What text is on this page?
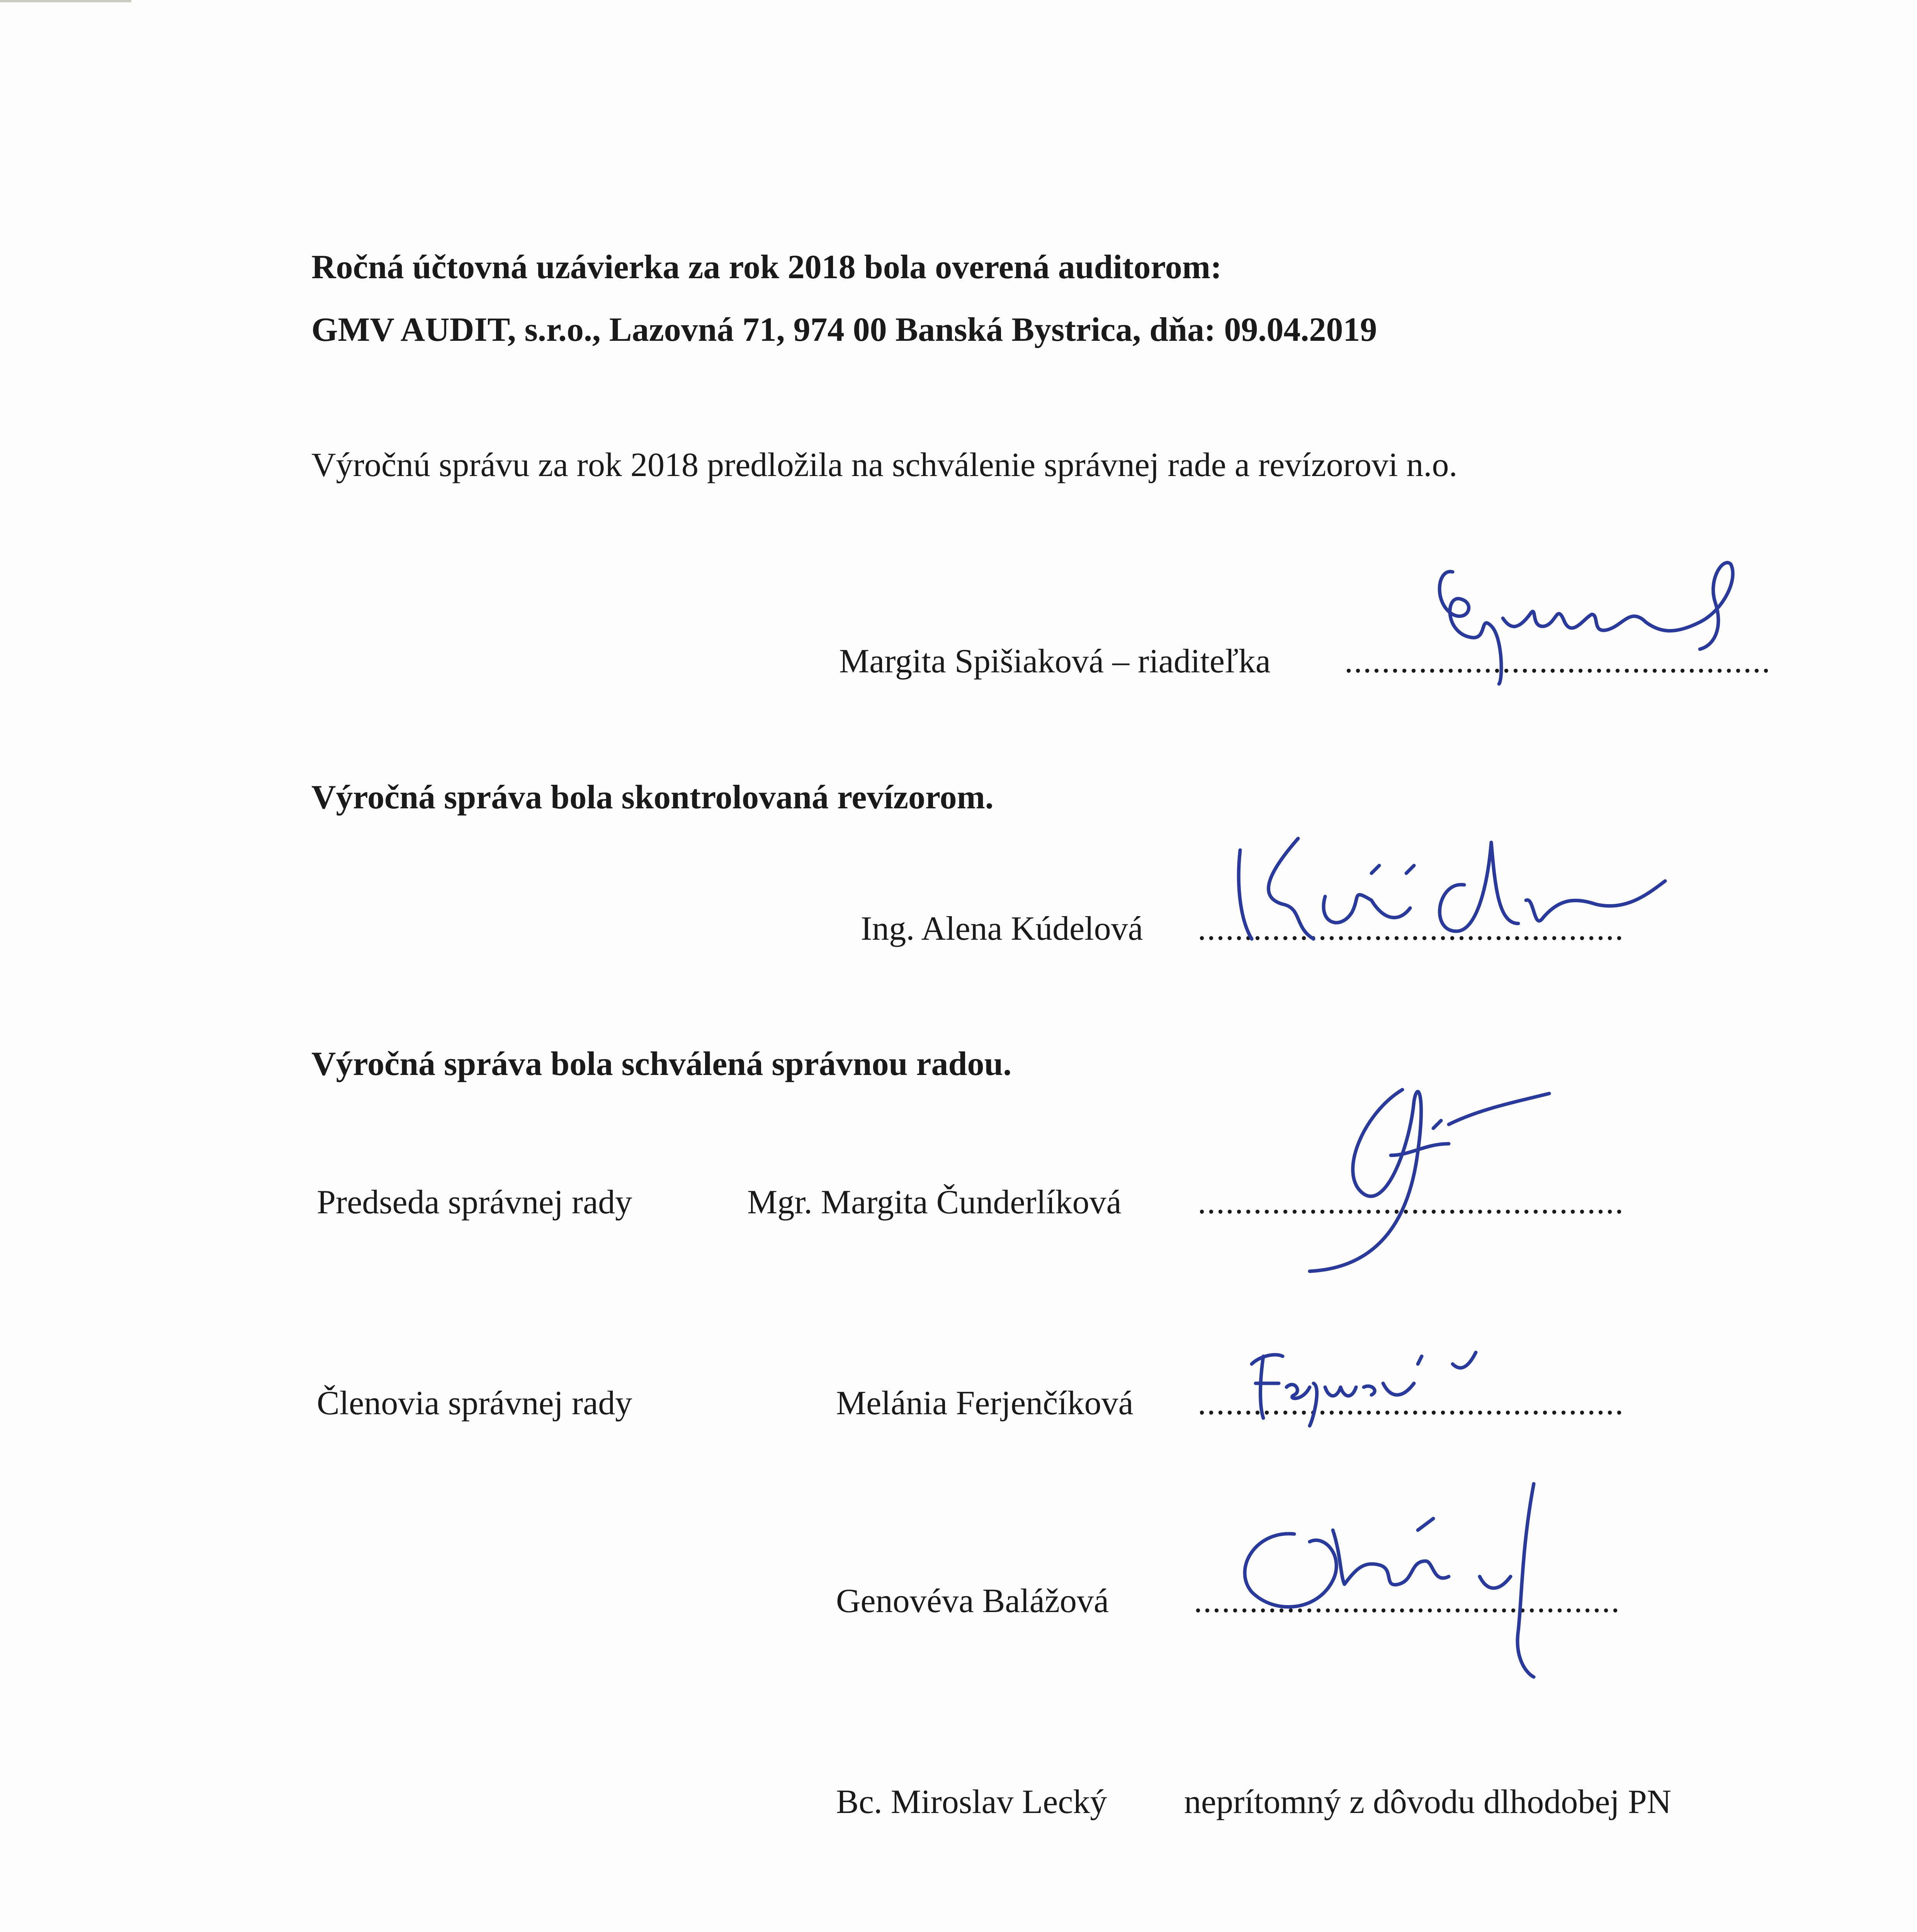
Ročná účtovná uzávierka za rok 2018 bola overená auditorom:
GMV AUDIT, s.r.o., Lazovná 71, 974 00 Banská Bystrica, dňa: 09.04.2019
Výročnú správu za rok 2018 predložila na schválenie správnej rade a revízorovi n.o.
Margita Spišiaková – riaditeľka ..............................................
Výročná správa bola skontrolovaná revízorom.
Ing. Alena Kúdelová ..............................................
Výročná správa bola schválená správnou radou.
Predseda správnej rady	Mgr. Margita Čunderlíková ..............................................
Členovia správnej rady	Melánia Ferjenčíková ..............................................
Genovéva Balážová ..............................................
Bc. Miroslav Lecký neprítomný z dôvodu dlhodobej PN
